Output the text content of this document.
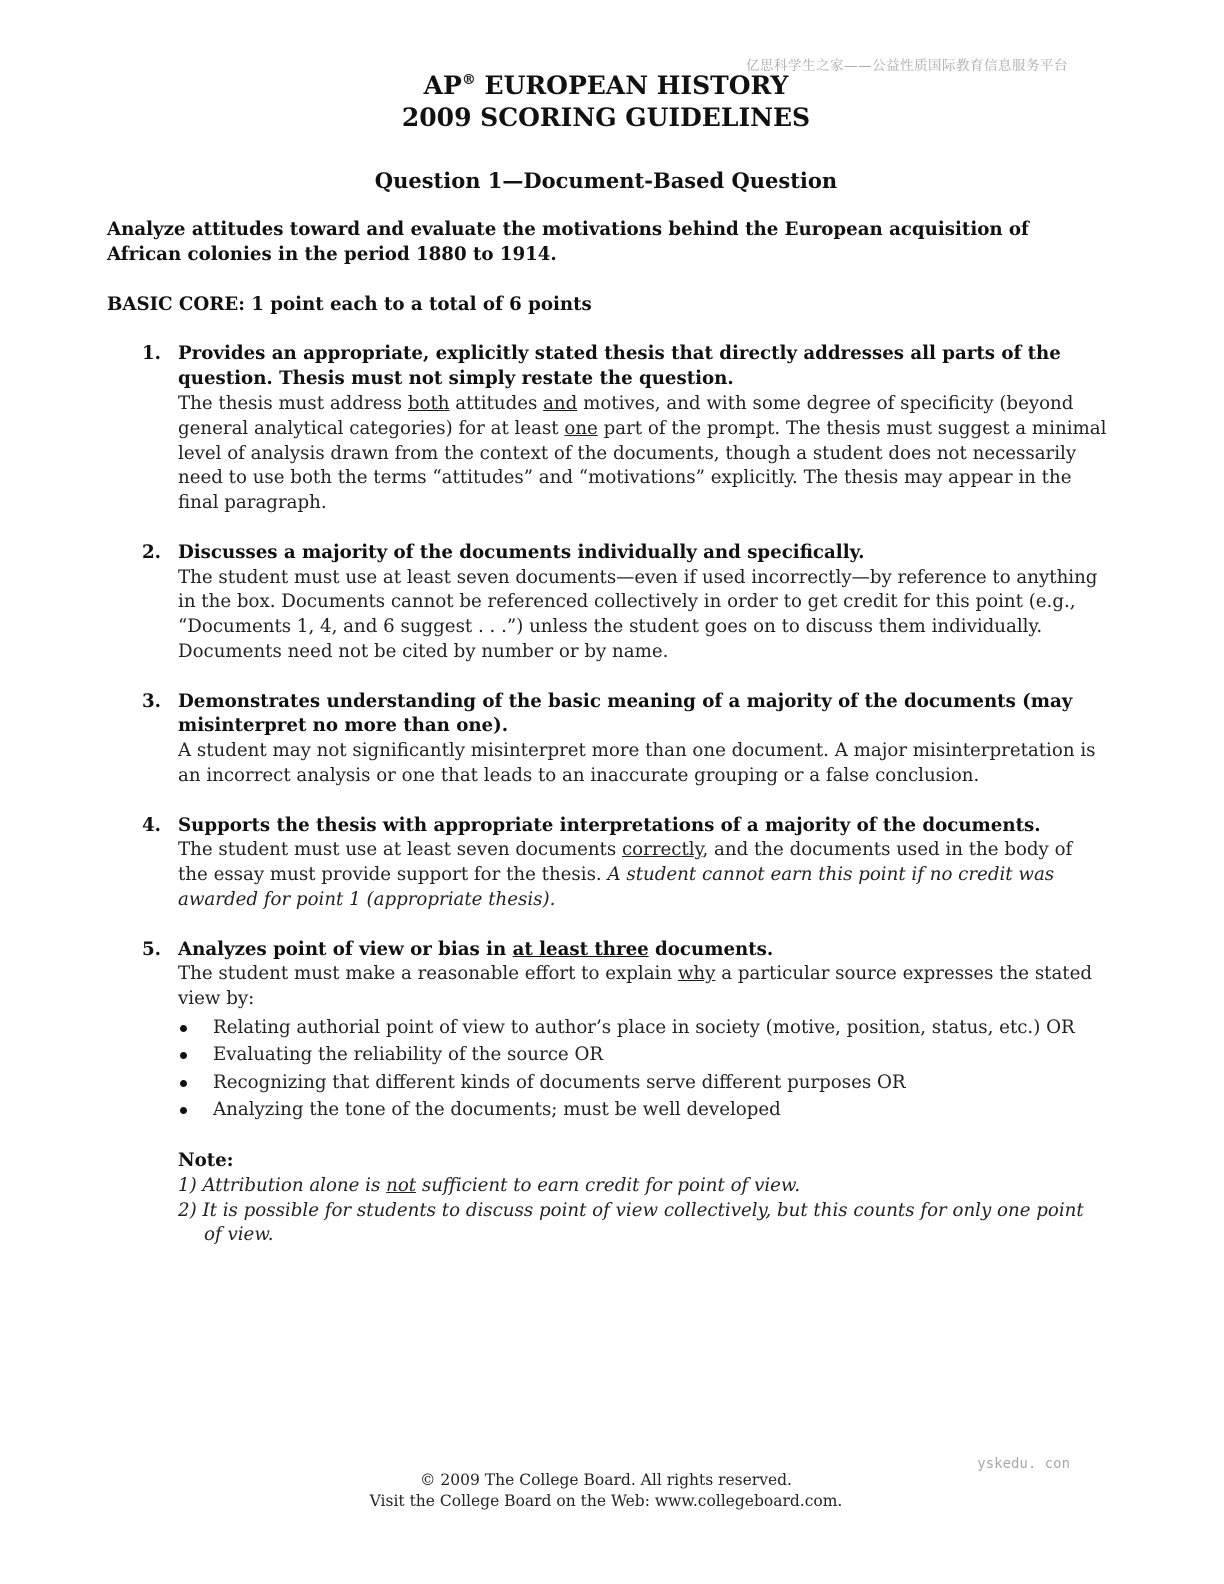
亿思科学生之家——公益性质国际教育信息服务平台

AP® EUROPEAN HISTORY

2009 SCORING GUIDELINES

Question 1—Document-Based Question

Analyze attitudes toward and evaluate the motivations behind the European acquisition of
African colonies in the period 1880 to 1914.

BASIC CORE: 1 point each to a total of 6 points

1. Provides an appropriate, explicitly stated thesis that directly addresses all parts of the question. Thesis must not simply restate the question.
The thesis must address both attitudes and motives, and with some degree of specificity (beyond general analytical categories) for at least one part of the prompt. The thesis must suggest a minimal level of analysis drawn from the context of the documents, though a student does not necessarily need to use both the terms “attitudes” and “motivations” explicitly. The thesis may appear in the final paragraph.
2. Discusses a majority of the documents individually and specifically.
The student must use at least seven documents—even if used incorrectly—by reference to anything in the box. Documents cannot be referenced collectively in order to get credit for this point (e.g., “Documents 1, 4, and 6 suggest . . .”) unless the student goes on to discuss them individually. Documents need not be cited by number or by name.
3. Demonstrates understanding of the basic meaning of a majority of the documents (may misinterpret no more than one).
A student may not significantly misinterpret more than one document. A major misinterpretation is an incorrect analysis or one that leads to an inaccurate grouping or a false conclusion.
4. Supports the thesis with appropriate interpretations of a majority of the documents.
The student must use at least seven documents correctly, and the documents used in the body of the essay must provide support for the thesis. A student cannot earn this point if no credit was awarded for point 1 (appropriate thesis).
5. Analyzes point of view or bias in at least three documents.
The student must make a reasonable effort to explain why a particular source expresses the stated view by:
Relating authorial point of view to author’s place in society (motive, position, status, etc.) OR
Evaluating the reliability of the source OR
Recognizing that different kinds of documents serve different purposes OR
Analyzing the tone of the documents; must be well developed
Note:
1) Attribution alone is not sufficient to earn credit for point of view.
2) It is possible for students to discuss point of view collectively, but this counts for only one point
of view.
yskedu. con
© 2009 The College Board. All rights reserved.
Visit the College Board on the Web: www.collegeboard.com.
